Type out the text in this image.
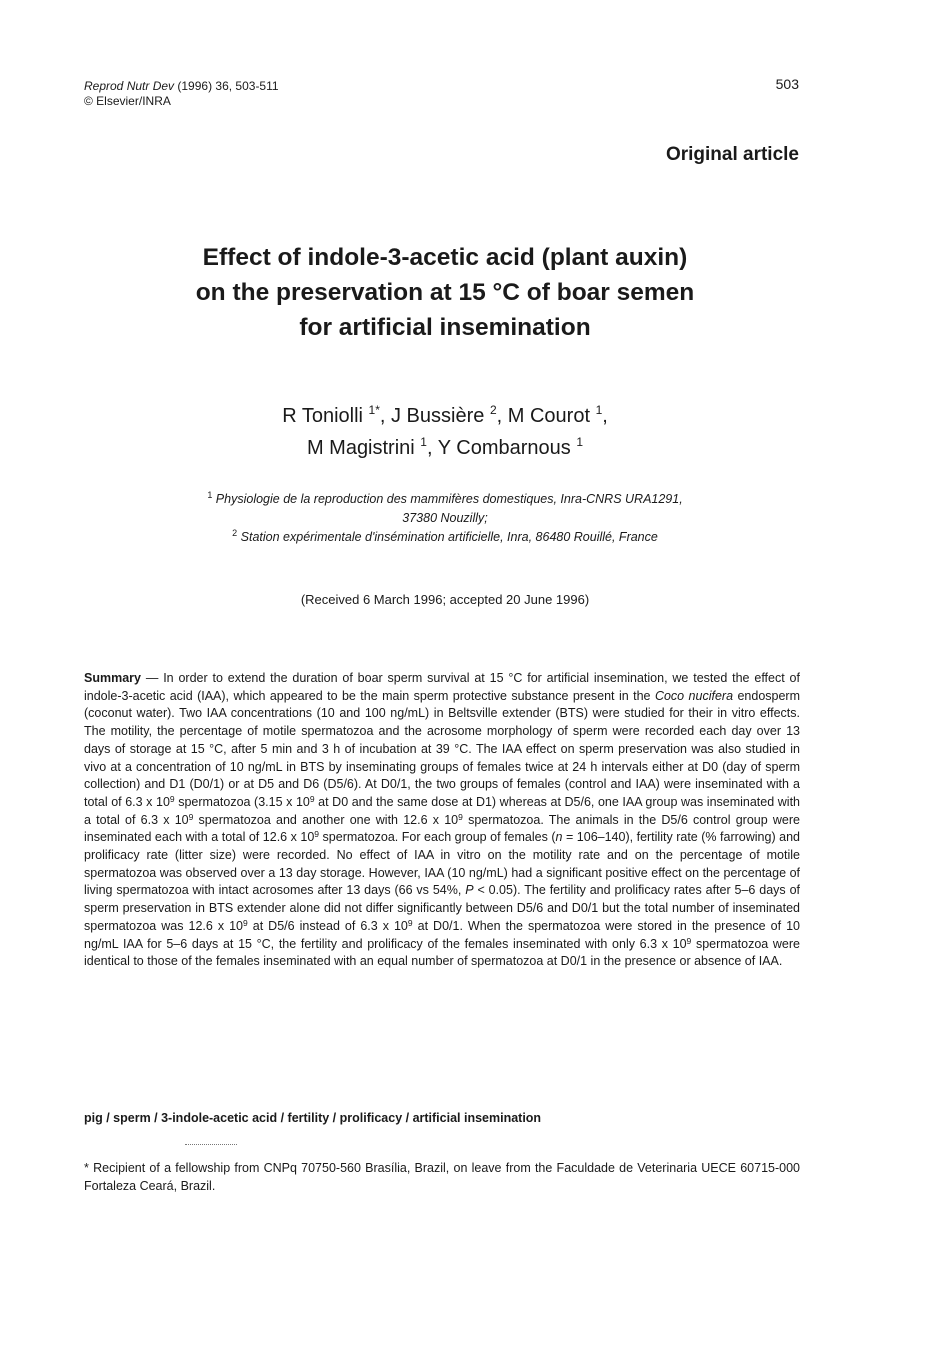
Reprod Nutr Dev (1996) 36, 503-511
© Elsevier/INRA
503
Original article
Effect of indole-3-acetic acid (plant auxin)
on the preservation at 15 °C of boar semen
for artificial insemination
R Toniolli $^{1*}$, J Bussière $^2$, M Courot $^1$,
M Magistrini $^1$, Y Combarnous $^1$
$^1$ Physiologie de la reproduction des mammifères domestiques, Inra-CNRS URA1291,
37380 Nouzilly;
$^2$ Station expérimentale d'insémination artificielle, Inra, 86480 Rouillé, France
(Received 6 March 1996; accepted 20 June 1996)
Summary — In order to extend the duration of boar sperm survival at 15 °C for artificial insemination, we tested the effect of indole-3-acetic acid (IAA), which appeared to be the main sperm protective substance present in the Coco nucifera endosperm (coconut water). Two IAA concentrations (10 and 100 ng/mL) in Beltsville extender (BTS) were studied for their in vitro effects. The motility, the percentage of motile spermatozoa and the acrosome morphology of sperm were recorded each day over 13 days of storage at 15 °C, after 5 min and 3 h of incubation at 39 °C. The IAA effect on sperm preservation was also studied in vivo at a concentration of 10 ng/mL in BTS by inseminating groups of females twice at 24 h intervals either at D0 (day of sperm collection) and D1 (D0/1) or at D5 and D6 (D5/6). At D0/1, the two groups of females (control and IAA) were inseminated with a total of 6.3 x $10^9$ spermatozoa (3.15 x $10^9$ at D0 and the same dose at D1) whereas at D5/6, one IAA group was inseminated with a total of 6.3 x $10^9$ spermatozoa and another one with 12.6 x $10^9$ spermatozoa. The animals in the D5/6 control group were inseminated each with a total of 12.6 x $10^9$ spermatozoa. For each group of females (n = 106–140), fertility rate (% farrowing) and prolificacy rate (litter size) were recorded. No effect of IAA in vitro on the motility rate and on the percentage of motile spermatozoa was observed over a 13 day storage. However, IAA (10 ng/mL) had a significant positive effect on the percentage of living spermatozoa with intact acrosomes after 13 days (66 vs 54%, P < 0.05). The fertility and prolificacy rates after 5–6 days of sperm preservation in BTS extender alone did not differ significantly between D5/6 and D0/1 but the total number of inseminated spermatozoa was 12.6 x $10^9$ at D5/6 instead of 6.3 x $10^9$ at D0/1. When the spermatozoa were stored in the presence of 10 ng/mL IAA for 5–6 days at 15 °C, the fertility and prolificacy of the females inseminated with only 6.3 x $10^9$ spermatozoa were identical to those of the females inseminated with an equal number of spermatozoa at D0/1 in the presence or absence of IAA.
pig / sperm / 3-indole-acetic acid / fertility / prolificacy / artificial insemination
* Recipient of a fellowship from CNPq 70750-560 Brasília, Brazil, on leave from the Faculdade de Veterinaria UECE 60715-000 Fortaleza Ceará, Brazil.
